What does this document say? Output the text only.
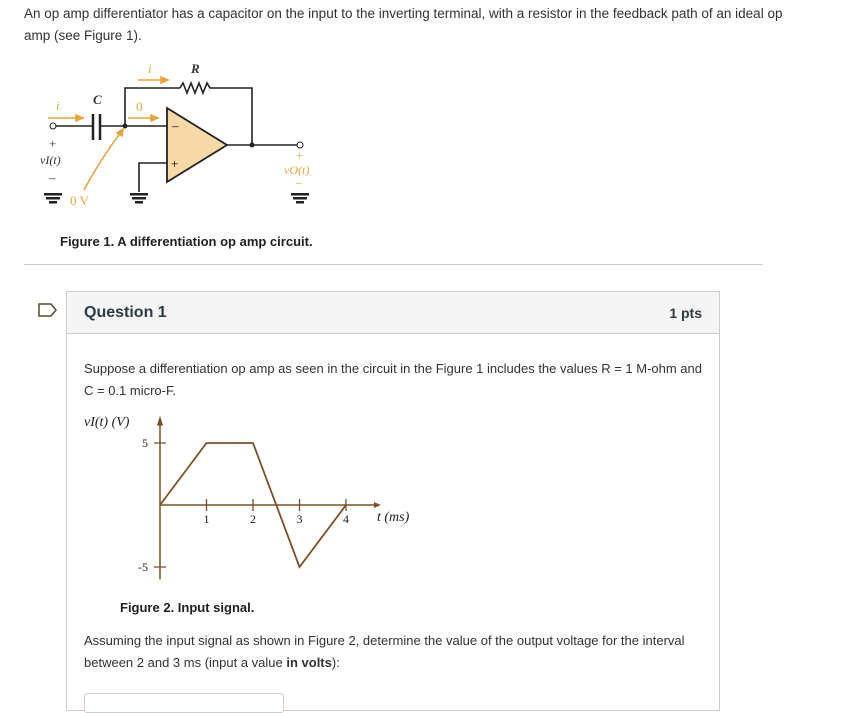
An op amp differentiator has a capacitor on the input to the inverting terminal, with a resistor in the feedback path of an ideal op amp (see Figure 1).
–
+
i	C	0
i	R
+
vI(t)
–
0 V
+
vO(t)
–
Figure 1. A differentiation op amp circuit.
Question 1	1 pts
Suppose a differentiation op amp as seen in the circuit in the Figure 1 includes the values R = 1 M-ohm and C = 0.1 micro-F.
vI(t) (V)
t (ms)
1	2	3	4
5
-5
Figure 2. Input signal.
Assuming the input signal as shown in Figure 2, determine the value of the output voltage for the interval between 2 and 3 ms (input a value in volts):
